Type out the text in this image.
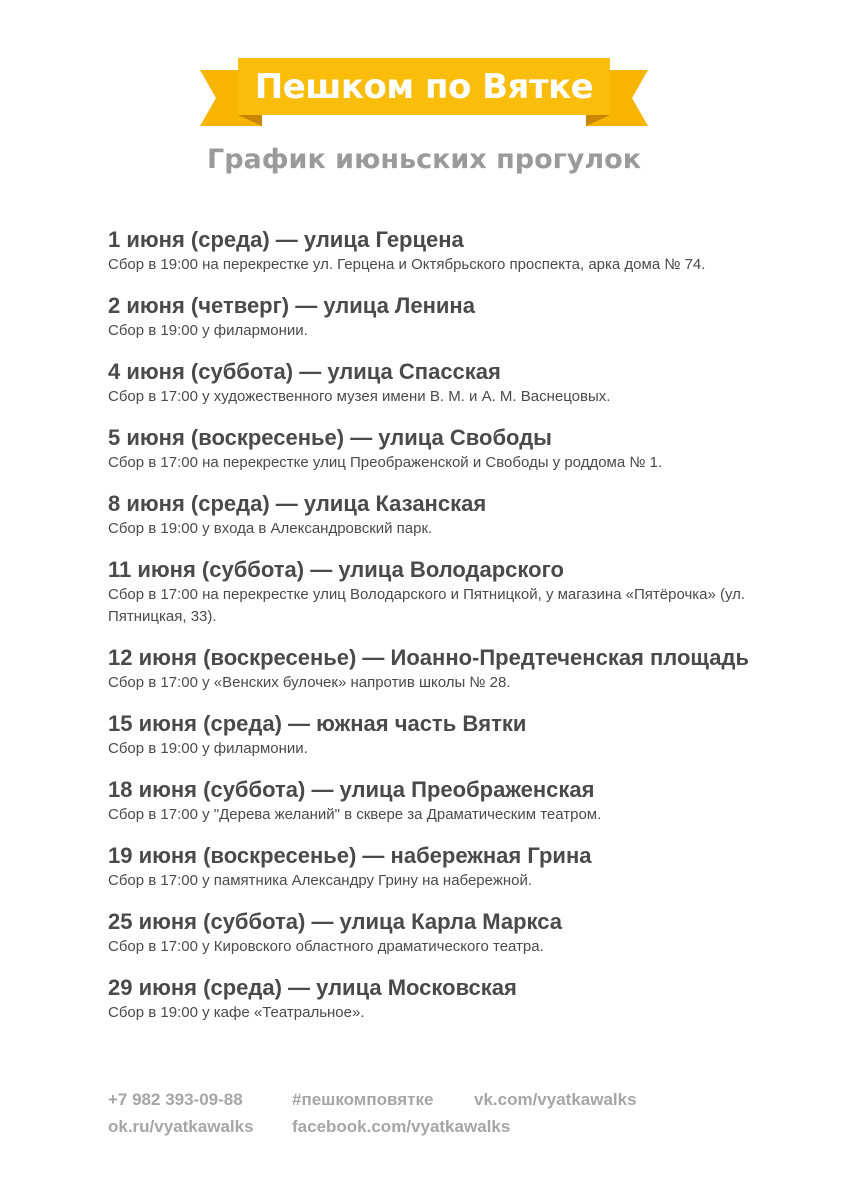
Пешком по Вятке
График июньских прогулок
1 июня (среда) — улица Герцена
Сбор в 19:00 на перекрестке ул. Герцена и Октябрьского проспекта, арка дома № 74.
2 июня (четверг) — улица Ленина
Сбор в 19:00 у филармонии.
4 июня (суббота) — улица Спасская
Сбор в 17:00 у художественного музея имени В. М. и А. М. Васнецовых.
5 июня (воскресенье) — улица Свободы
Сбор в 17:00 на перекрестке улиц Преображенской и Свободы у роддома № 1.
8 июня (среда) — улица Казанская
Сбор в 19:00 у входа в Александровский парк.
11 июня (суббота) — улица Володарского
Сбор в 17:00 на перекрестке улиц Володарского и Пятницкой, у магазина «Пятёрочка» (ул. Пятницкая, 33).
12 июня (воскресенье) — Иоанно-Предтеченская площадь
Сбор в 17:00 у «Венских булочек» напротив школы № 28.
15 июня (среда) — южная часть Вятки
Сбор в 19:00 у филармонии.
18 июня (суббота) — улица Преображенская
Сбор в 17:00 у "Дерева желаний" в сквере за Драматическим театром.
19 июня (воскресенье) — набережная Грина
Сбор в 17:00 у памятника Александру Грину на набережной.
25 июня (суббота) — улица Карла Маркса
Сбор в 17:00 у Кировского областного драматического театра.
29 июня (среда) — улица Московская
Сбор в 19:00 у кафе «Театральное».
+7 982 393-09-88	#пешкомповятке vk.com/vyatkawalks
ok.ru/vyatkawalks facebook.com/vyatkawalks
